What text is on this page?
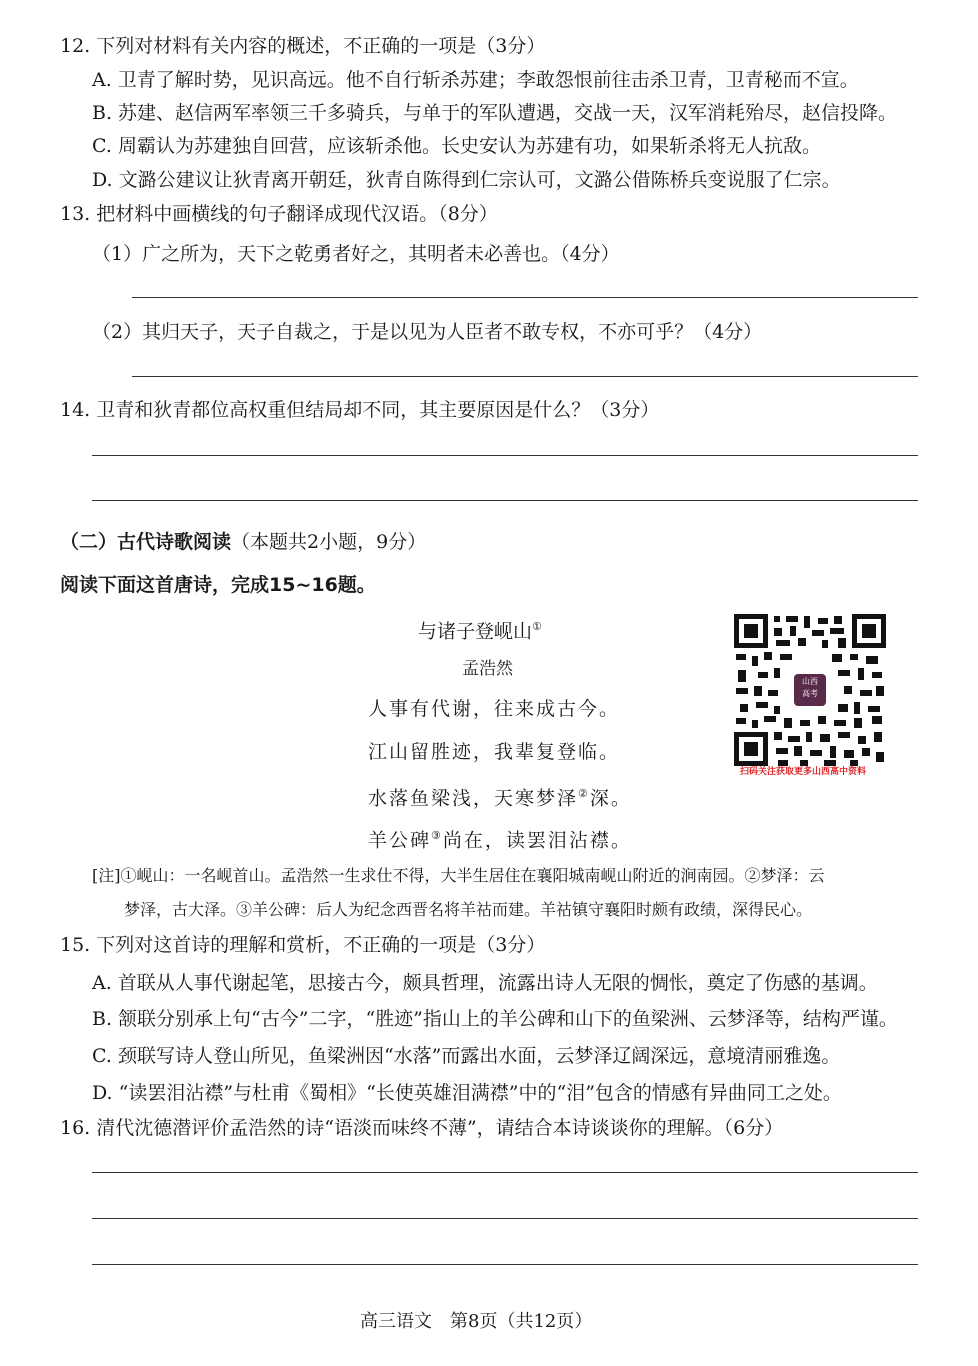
12. 下列对材料有关内容的概述，不正确的一项是（3分）
A. 卫青了解时势，见识高远。他不自行斩杀苏建；李敢怨恨前往击杀卫青，卫青秘而不宣。
B. 苏建、赵信两军率领三千多骑兵，与单于的军队遭遇，交战一天，汉军消耗殆尽，赵信投降。
C. 周霸认为苏建独自回营，应该斩杀他。长史安认为苏建有功，如果斩杀将无人抗敌。
D. 文潞公建议让狄青离开朝廷，狄青自陈得到仁宗认可，文潞公借陈桥兵变说服了仁宗。
13. 把材料中画横线的句子翻译成现代汉语。（8分）
（1）广之所为，天下之乾勇者好之，其明者未必善也。（4分）
（2）其归天子，天子自裁之，于是以见为人臣者不敢专权，不亦可乎？（4分）
14. 卫青和狄青都位高权重但结局却不同，其主要原因是什么？（3分）
（二）古代诗歌阅读（本题共2小题，9分）
阅读下面这首唐诗，完成15~16题。
与诸子登岘山①
孟浩然
人事有代谢，往来成古今。
江山留胜迹，我辈复登临。
水落鱼梁浅，天寒梦泽②深。
羊公碑③尚在，读罢泪沾襟。
山西
高考
扫码关注获取更多山西高中资料
[注]①岘山：一名岘首山。孟浩然一生求仕不得，大半生居住在襄阳城南岘山附近的涧南园。②梦泽：云
梦泽，古大泽。③羊公碑：后人为纪念西晋名将羊祜而建。羊祜镇守襄阳时颇有政绩，深得民心。
15. 下列对这首诗的理解和赏析，不正确的一项是（3分）
A. 首联从人事代谢起笔，思接古今，颇具哲理，流露出诗人无限的惆怅，奠定了伤感的基调。
B. 颔联分别承上句“古今”二字，“胜迹”指山上的羊公碑和山下的鱼梁洲、云梦泽等，结构严谨。
C. 颈联写诗人登山所见，鱼梁洲因“水落”而露出水面，云梦泽辽阔深远，意境清丽雅逸。
D. “读罢泪沾襟”与杜甫《蜀相》“长使英雄泪满襟”中的“泪”包含的情感有异曲同工之处。
16. 清代沈德潜评价孟浩然的诗“语淡而味终不薄”，请结合本诗谈谈你的理解。（6分）
高三语文　第8页（共12页）
